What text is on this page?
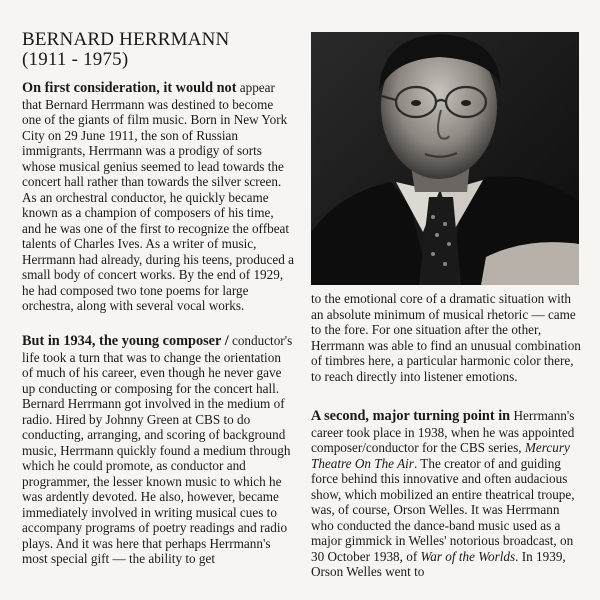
BERNARD HERRMANN
(1911 - 1975)

On first consideration, it would not appear that Bernard Herrmann was destined to become one of the giants of film music. Born in New York City on 29 June 1911, the son of Russian immigrants, Herrmann was a prodigy of sorts whose musical genius seemed to lead towards the concert hall rather than towards the silver screen. As an orchestral conductor, he quickly became known as a champion of composers of his time, and he was one of the first to recognize the offbeat talents of Charles Ives. As a writer of music, Herrmann had already, during his teens, produced a small body of concert works. By the end of 1929, he had composed two tone poems for large orchestra, along with several vocal works.

But in 1934, the young composer / conductor's life took a turn that was to change the orientation of much of his career, even though he never gave up conducting or composing for the concert hall. Bernard Herrmann got involved in the medium of radio. Hired by Johnny Green at CBS to do conducting, arranging, and scoring of background music, Herrmann quickly found a medium through which he could promote, as conductor and programmer, the lesser known music to which he was ardently devoted. He also, however, became immediately involved in writing musical cues to accompany programs of poetry readings and radio plays. And it was here that perhaps Herrmann's most special gift — the ability to get

to the emotional core of a dramatic situation with an absolute minimum of musical rhetoric — came to the fore. For one situation after the other, Herrmann was able to find an unusual combination of timbres here, a particular harmonic color there, to reach directly into listener emotions.

A second, major turning point in Herrmann's career took place in 1938, when he was appointed composer/conductor for the CBS series, Mercury Theatre On The Air. The creator of and guiding force behind this innovative and often audacious show, which mobilized an entire theatrical troupe, was, of course, Orson Welles. It was Herrmann who conducted the dance-band music used as a major gimmick in Welles' notorious broadcast, on 30 October 1938, of War of the Worlds. In 1939, Orson Welles went to
